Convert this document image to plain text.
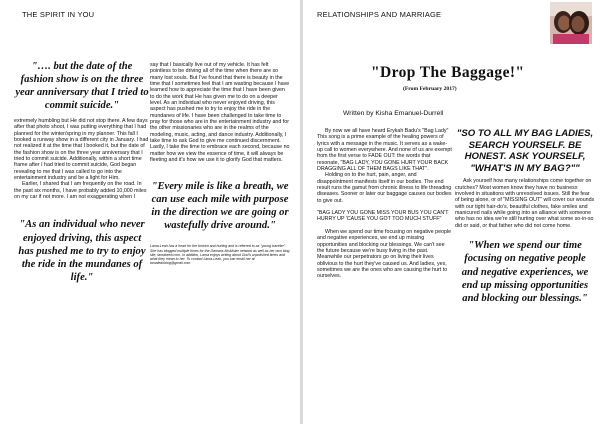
THE SPIRIT IN YOU
"…. but the date of the fashion show is on the three year anniversary that I tried to commit suicide."
extremely humbling but He did not stop there. A few days after that photo shoot, I was putting everything that I had planned for the winter/spring in my planner. This fall I booked a runway show in a different city in January. I had not realized it at the time that I booked it, but the date of the fashion show is on the three year anniversary that I tried to commit suicide. Additionally, within a short time frame after I had tried to commit suicide, God began revealing to me that I was called to go into the entertainment industry and be a light for Him.
Earlier, I shared that I am frequently on the road. In the past six months, I have probably added 10,000 miles on my car if not more. I am not exaggerating when I
"As an individual who never enjoyed driving, this aspect has pushed me to try to enjoy the ride in the mundanes of life."
say that I basically live out of my vehicle. It has felt pointless to be driving all of the time when there are so many lost souls. But I've found that there is beauty in the time that I sometimes feel that I am wasting because I have learned how to appreciate the time that I have been given to do the work that He has given me to do on a deeper level. As an individual who never enjoyed driving, this aspect has pushed me to try to enjoy the ride in the mundanes of life. I have been challenged to take time to pray for those who are in the entertainment industry and for the other missionaries who are in the realms of the modeling, music, acting, and dance industry. Additionally, I take time to ask God to give me continued discernment. Lastly, I take the time to embrace each second, because no matter how we view the essence of time, it will always be fleeting and it's how we use it to glorify God that matters.
"Every mile is like a breath, we can use each mile with purpose in the direction we are going or wastefully drive around."
Lama-Leah has a heart for the broken and hurting and is referred to as "young traveler". She has blogged multiple times for the Damaris McAlister network as well as her own blog site, lamakeeb.com. In addition, Lama enjoys writing about God's unpolished times and what they mean to her. To contact Lama-Leah, you can email her at lamaleahblog@gmail.com.
RELATIONSHIPS AND MARRIAGE
"Drop The Baggage!"
(From February 2017)
Written by Kisha Emanuel-Durrell
By now we all have heard Erykah Badu's "Bag Lady" This song is a prime example of the healing powers of lyrics with a message in the music. It serves as a wake- up call to women everywhere. And none of us are exempt from the first verse to FADE OUT: the words that resonate, "BAG LADY, YOU GONE HURT YOUR BACK DRAGGING ALL OF THEM BAGS LIKE THAT".
Holding on to the hurt, pain, anger, and disappointment manifests itself in our bodies. The end result runs the gamut from chronic illness to life threading diseases. Sooner or later our baggage causes our bodies to give out.
"BAG LADY YOU GONE MISS YOUR BUS YOU CAN'T HURRY UP 'CAUSE YOU GOT TOO MUCH STUFF"
When we spend our time focusing on negative people and negative experiences, we end up missing opportunities and blocking our blessings. We can't see the future because we're busy living in the past. Meanwhile our perpetrators go on living their lives oblivious to the hurt they've caused us. And ladies, yes, sometimes we are the ones who are causing the hurt to ourselves.
"SO TO ALL MY BAG LADIES, SEARCH YOURSELF. BE HONEST. ASK YOURSELF, "WHAT'S IN MY BAG?""
Ask yourself how many relationships come together on crutches? Most women know they have no business involved in situations with unresolved issues. Still the fear of being alone, or of "MISSING OUT" will cover our wounds with our tight hair-do's, beautiful clothes, fake smiles and manicured nails while going into an alliance with someone who has no idea we're still hurting over what some so-in-so did or said, or that father who did not come home.
"When we spend our time focusing on negative people and negative experiences, we end up missing opportunities and blocking our blessings."
